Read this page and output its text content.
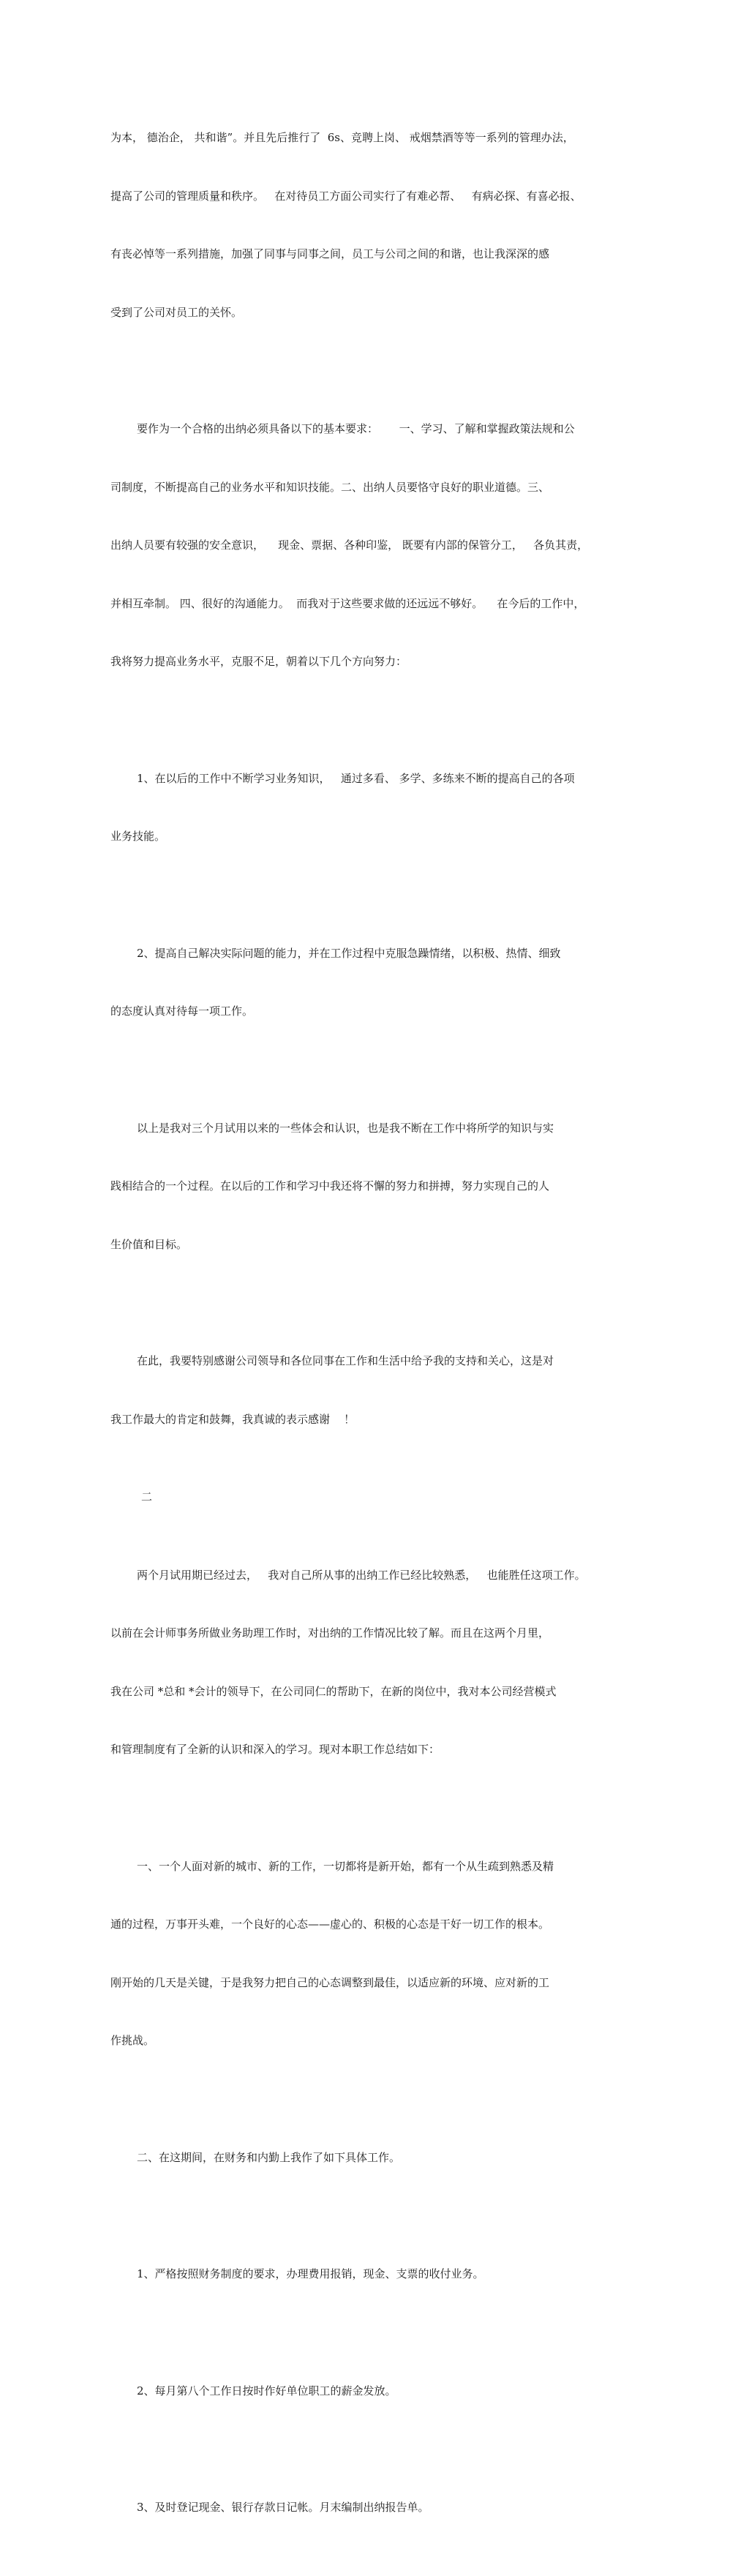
为本， 德治企， 共和谐”。并且先后推行了  6s、竞聘上岗、 戒烟禁酒等等一系列的管理办法，

提高了公司的管理质量和秩序。   在对待员工方面公司实行了有难必帮、   有病必探、有喜必报、

有丧必悼等一系列措施，加强了同事与同事之间，员工与公司之间的和谐，也让我深深的感

受到了公司对员工的关怀。

要作为一个合格的出纳必须具备以下的基本要求：      一、学习、了解和掌握政策法规和公

司制度，不断提高自己的业务水平和知识技能。二、出纳人员要恪守良好的职业道德。三、

出纳人员要有较强的安全意识，    现金、票据、各种印鉴， 既要有内部的保管分工，   各负其责，

并相互牵制。 四、很好的沟通能力。  而我对于这些要求做的还远远不够好。    在今后的工作中，

我将努力提高业务水平，克服不足，朝着以下几个方向努力：

1、在以后的工作中不断学习业务知识，   通过多看、 多学、多练来不断的提高自己的各项

业务技能。

2、提高自己解决实际问题的能力，并在工作过程中克服急躁情绪，以积极、热情、细致

的态度认真对待每一项工作。

以上是我对三个月试用以来的一些体会和认识，也是我不断在工作中将所学的知识与实

践相结合的一个过程。在以后的工作和学习中我还将不懈的努力和拼搏，努力实现自己的人

生价值和目标。

在此，我要特别感谢公司领导和各位同事在工作和生活中给予我的支持和关心，这是对

我工作最大的肯定和鼓舞，我真诚的表示感谢    ！

二

两个月试用期已经过去，   我对自己所从事的出纳工作已经比较熟悉，   也能胜任这项工作。

以前在会计师事务所做业务助理工作时，对出纳的工作情况比较了解。而且在这两个月里，

我在公司 *总和 *会计的领导下，在公司同仁的帮助下，在新的岗位中，我对本公司经营模式

和管理制度有了全新的认识和深入的学习。现对本职工作总结如下：

一、一个人面对新的城市、新的工作，一切都将是新开始，都有一个从生疏到熟悉及精

通的过程，万事开头难，一个良好的心态——虚心的、积极的心态是干好一切工作的根本。

刚开始的几天是关键，于是我努力把自己的心态调整到最佳，以适应新的环境、应对新的工

作挑战。

二、在这期间，在财务和内勤上我作了如下具体工作。

1、严格按照财务制度的要求，办理费用报销，现金、支票的收付业务。

2、每月第八个工作日按时作好单位职工的薪金发放。

3、及时登记现金、银行存款日记帐。月末编制出纳报告单。
